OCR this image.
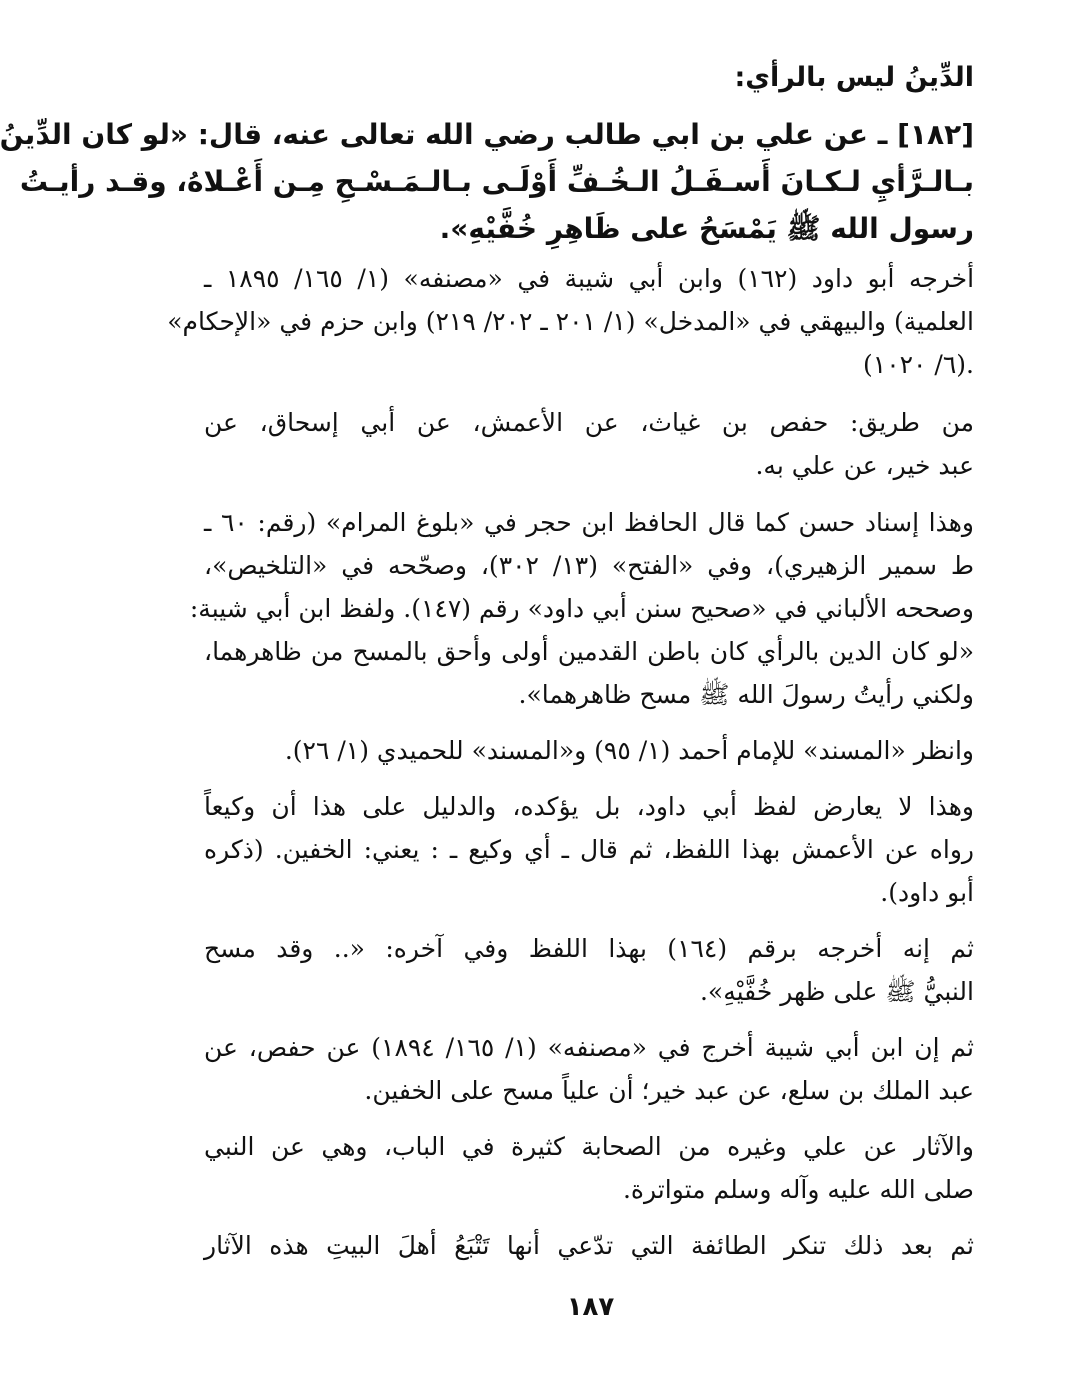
الدِّينُ ليس بالرأي:
[١٨٢] ـ عن علي بن ابي طالب رضي الله تعالى عنه، قال: «لو كان الدِّينُ
بـالـرَّأيِ لـكـانَ أَسـفَـلُ الـخُـفِّ أَوْلَـى بـالـمَـسْـحِ مِـن أَعْـلاهُ، وقـد رأيـتُ
رسول الله ﷺ يَمْسَحُ على ظَاهِرِ خُفَّيْهِ».
أخرجه أبو داود (١٦٢) وابن أبي شيبة في «مصنفه» (١/ ١٦٥/ ١٨٩٥ ـ
العلمية) والبيهقي في «المدخل» (١/ ٢٠١ ـ ٢٠٢/ ٢١٩) وابن حزم في «الإحكام»
(٦/ ١٠٢٠).
من طريق: حفص بن غياث، عن الأعمش، عن أبي إسحاق، عن
عبد خير، عن علي به.
وهذا إسناد حسن كما قال الحافظ ابن حجر في «بلوغ المرام» (رقم: ٦٠ ـ
ط سمير الزهيري)، وفي «الفتح» (١٣/ ٣٠٢)، وصحّحه في «التلخيص»،
وصححه الألباني في «صحيح سنن أبي داود» رقم (١٤٧). ولفظ ابن أبي شيبة:
«لو كان الدين بالرأي كان باطن القدمين أولى وأحق بالمسح من ظاهرهما،
ولكني رأيتُ رسولَ الله ﷺ مسح ظاهرهما».
وانظر «المسند» للإمام أحمد (١/ ٩٥) و«المسند» للحميدي (١/ ٢٦).
وهذا لا يعارض لفظ أبي داود، بل يؤكده، والدليل على هذا أن وكيعاً
رواه عن الأعمش بهذا اللفظ، ثم قال ـ أي وكيع ـ : يعني: الخفين. (ذكره
أبو داود).
ثم إنه أخرجه برقم (١٦٤) بهذا اللفظ وفي آخره: «.. وقد مسح
النبيُّ ﷺ على ظهر خُفَّيْهِ».
ثم إن ابن أبي شيبة أخرج في «مصنفه» (١/ ١٦٥/ ١٨٩٤) عن حفص، عن
عبد الملك بن سلع، عن عبد خير؛ أن علياً مسح على الخفين.
والآثار عن علي وغيره من الصحابة كثيرة في الباب، وهي عن النبي
صلى الله عليه وآله وسلم متواترة.
ثم بعد ذلك تنكر الطائفة التي تدّعي أنها تَتْبَعُ أهلَ البيتِ هذه الآثار
١٨٧
